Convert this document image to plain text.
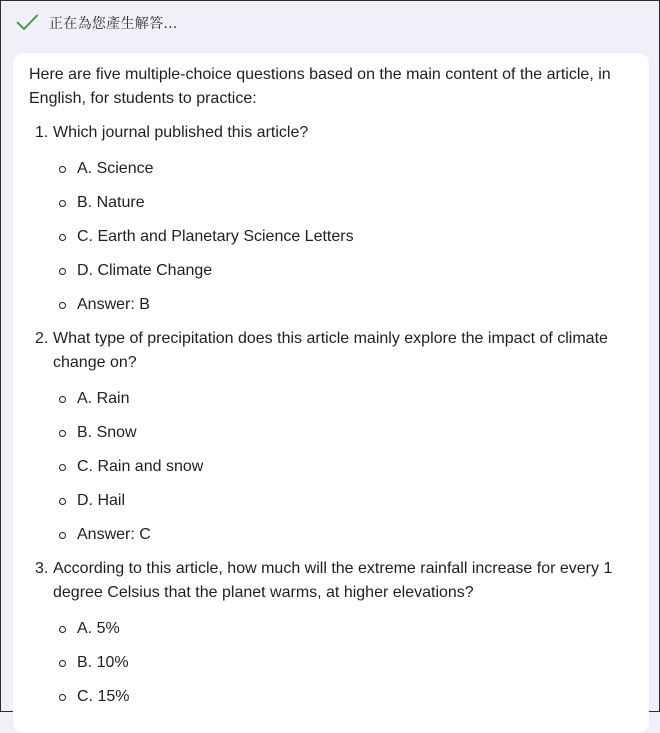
正在為您產生解答…
Here are five multiple-choice questions based on the main content of the article, in English, for students to practice:
1. Which journal published this article?
A. Science
B. Nature
C. Earth and Planetary Science Letters
D. Climate Change
Answer: B
2. What type of precipitation does this article mainly explore the impact of climate change on?
A. Rain
B. Snow
C. Rain and snow
D. Hail
Answer: C
3. According to this article, how much will the extreme rainfall increase for every 1 degree Celsius that the planet warms, at higher elevations?
A. 5%
B. 10%
C. 15%
